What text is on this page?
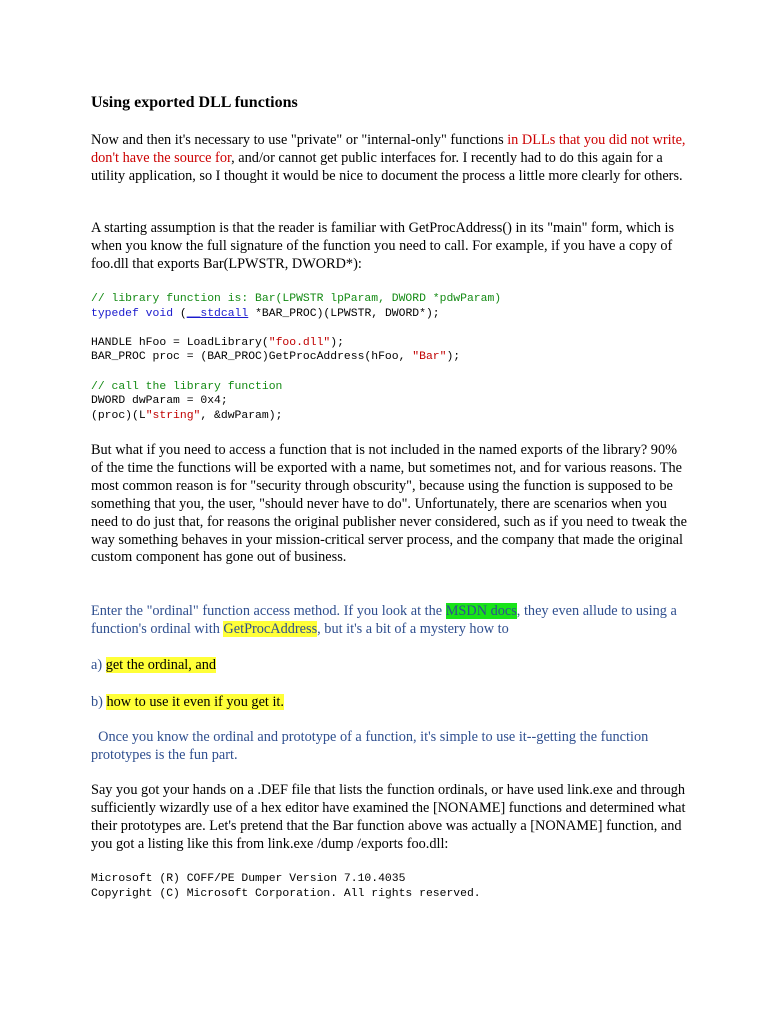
Using exported DLL functions

Now and then it's necessary to use "private" or "internal-only" functions in DLLs that you did not write, don't have the source for, and/or cannot get public interfaces for. I recently had to do this again for a utility application, so I thought it would be nice to document the process a little more clearly for others.

A starting assumption is that the reader is familiar with GetProcAddress() in its "main" form, which is when you know the full signature of the function you need to call. For example, if you have a copy of foo.dll that exports Bar(LPWSTR, DWORD*):

// library function is: Bar(LPWSTR lpParam, DWORD *pdwParam)
typedef void (__stdcall *BAR_PROC)(LPWSTR, DWORD*);

HANDLE hFoo = LoadLibrary("foo.dll");
BAR_PROC proc = (BAR_PROC)GetProcAddress(hFoo, "Bar");

// call the library function
DWORD dwParam = 0x4;
(proc)(L"string", &dwParam);

But what if you need to access a function that is not included in the named exports of the library? 90% of the time the functions will be exported with a name, but sometimes not, and for various reasons. The most common reason is for "security through obscurity", because using the function is supposed to be something that you, the user, "should never have to do". Unfortunately, there are scenarios when you need to do just that, for reasons the original publisher never considered, such as if you need to tweak the way something behaves in your mission-critical server process, and the company that made the original custom component has gone out of business.

Enter the "ordinal" function access method. If you look at the MSDN docs, they even allude to using a function's ordinal with GetProcAddress, but it's a bit of a mystery how to

a) get the ordinal, and

b) how to use it even if you get it.

Once you know the ordinal and prototype of a function, it's simple to use it--getting the function prototypes is the fun part.

Say you got your hands on a .DEF file that lists the function ordinals, or have used link.exe and through sufficiently wizardly use of a hex editor have examined the [NONAME] functions and determined what their prototypes are. Let's pretend that the Bar function above was actually a [NONAME] function, and you got a listing like this from link.exe /dump /exports foo.dll:

Microsoft (R) COFF/PE Dumper Version 7.10.4035
Copyright (C) Microsoft Corporation. All rights reserved.
